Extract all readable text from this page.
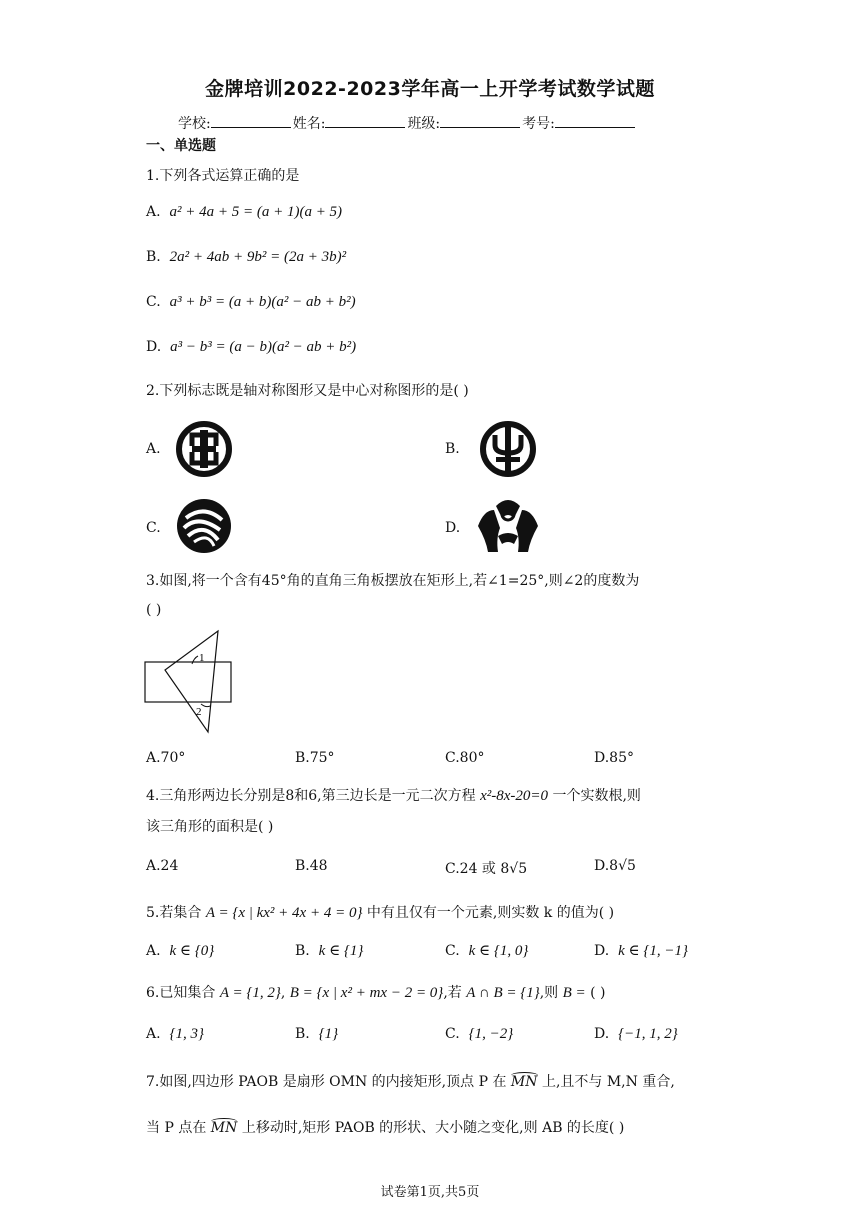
金牌培训2022-2023学年高一上开学考试数学试题
学校:	姓名:	班级:	考号:
一、单选题
1.下列各式运算正确的是
A. a² + 4a + 5 = (a + 1)(a + 5)
B. 2a² + 4ab + 9b² = (2a + 3b)²
C. a³ + b³ = (a + b)(a² − ab + b²)
D. a³ − b³ = (a − b)(a² − ab + b²)
2.下列标志既是轴对称图形又是中心对称图形的是( )
A.	B.
C.	D.
3.如图,将一个含有45°角的直角三角板摆放在矩形上,若∠1=25°,则∠2的度数为
( )
1
2
A.70°	B.75°	C.80°	D.85°
4.三角形两边长分别是8和6,第三边长是一元二次方程 x²-8x-20=0 一个实数根,则
该三角形的面积是( )
A.24	B.48	C.24 或 8√5	D.8√5
5.若集合 A = {x | kx² + 4x + 4 = 0} 中有且仅有一个元素,则实数 k 的值为( )
A. k ∈ {0}	B. k ∈ {1}	C. k ∈ {1, 0}	D. k ∈ {1, −1}
6.已知集合 A = {1, 2}, B = {x | x² + mx − 2 = 0},若 A ∩ B = {1},则 B = ( )
A. {1, 3}	B. {1}	C. {1, −2}	D. {−1, 1, 2}
7.如图,四边形 PAOB 是扇形 OMN 的内接矩形,顶点 P 在 MN 上,且不与 M,N 重合,
当 P 点在 MN 上移动时,矩形 PAOB 的形状、大小随之变化,则 AB 的长度( )
试卷第1页,共5页
